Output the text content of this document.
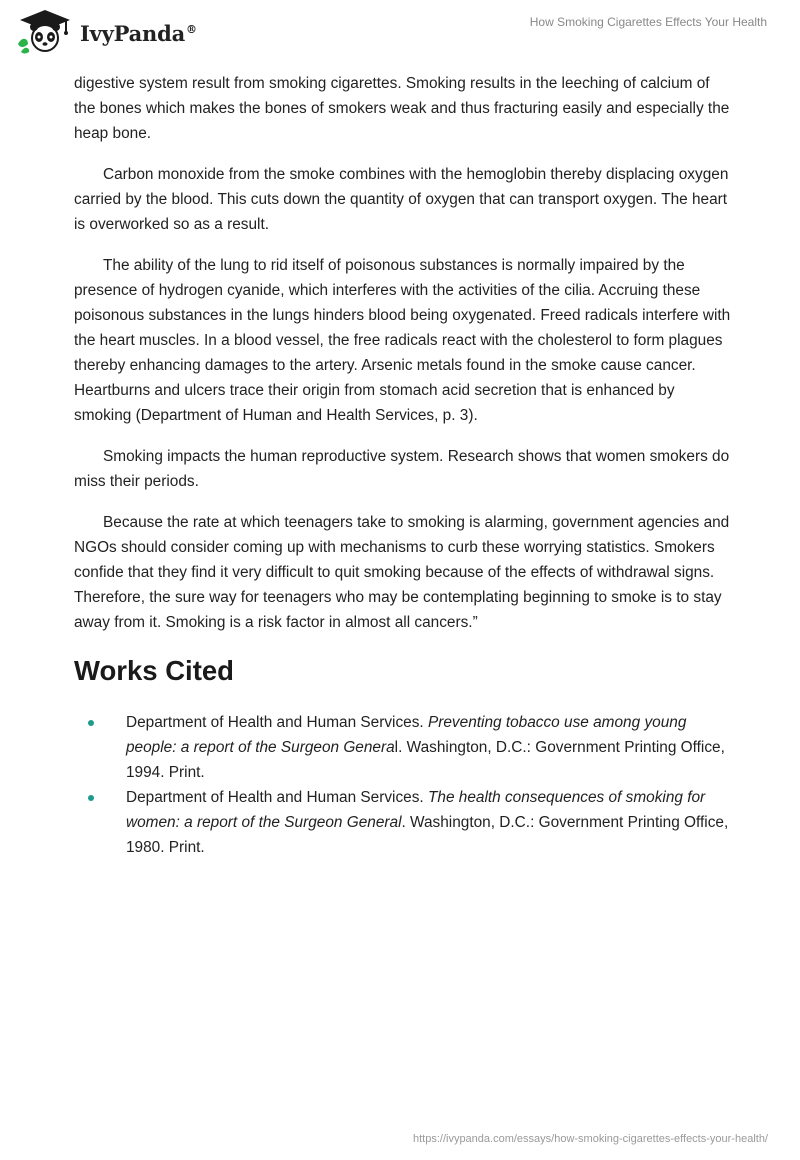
IvyPanda®	How Smoking Cigarettes Effects Your Health

digestive system result from smoking cigarettes. Smoking results in the leeching of calcium of the bones which makes the bones of smokers weak and thus fracturing easily and especially the heap bone.

Carbon monoxide from the smoke combines with the hemoglobin thereby displacing oxygen carried by the blood. This cuts down the quantity of oxygen that can transport oxygen. The heart is overworked so as a result.

The ability of the lung to rid itself of poisonous substances is normally impaired by the presence of hydrogen cyanide, which interferes with the activities of the cilia. Accruing these poisonous substances in the lungs hinders blood being oxygenated. Freed radicals interfere with the heart muscles. In a blood vessel, the free radicals react with the cholesterol to form plagues thereby enhancing damages to the artery. Arsenic metals found in the smoke cause cancer. Heartburns and ulcers trace their origin from stomach acid secretion that is enhanced by smoking (Department of Human and Health Services, p. 3).

Smoking impacts the human reproductive system. Research shows that women smokers do miss their periods.

Because the rate at which teenagers take to smoking is alarming, government agencies and NGOs should consider coming up with mechanisms to curb these worrying statistics. Smokers confide that they find it very difficult to quit smoking because of the effects of withdrawal signs. Therefore, the sure way for teenagers who may be contemplating beginning to smoke is to stay away from it. Smoking is a risk factor in almost all cancers.”

Works Cited
Department of Health and Human Services. Preventing tobacco use among young people: a report of the Surgeon General. Washington, D.C.: Government Printing Office, 1994. Print.
Department of Health and Human Services. The health consequences of smoking for women: a report of the Surgeon General. Washington, D.C.: Government Printing Office, 1980. Print.
https://ivypanda.com/essays/how-smoking-cigarettes-effects-your-health/
